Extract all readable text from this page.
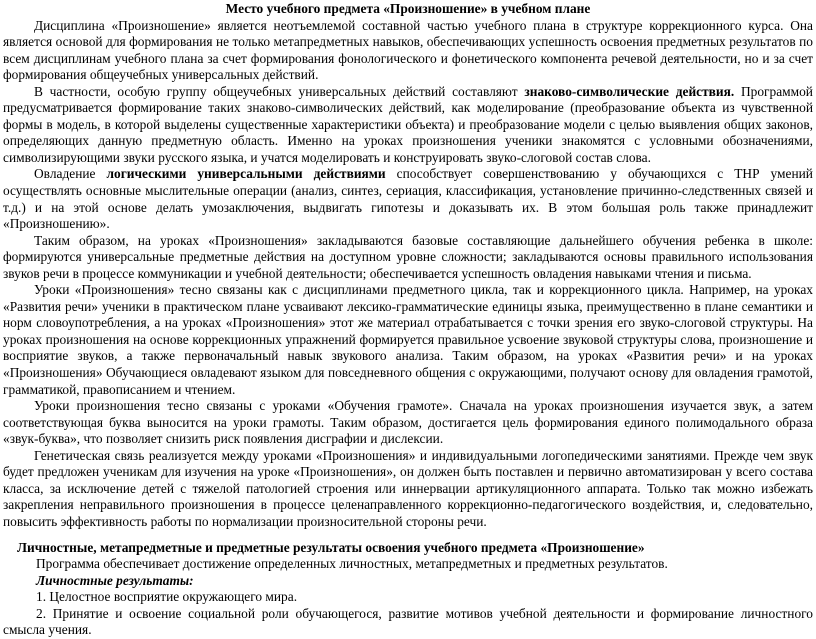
Место учебного предмета «Произношение» в учебном плане

Дисциплина «Произношение» является неотъемлемой составной частью учебного плана в структуре коррекционного курса. Она является основой для формирования не только метапредметных навыков, обеспечивающих успешность освоения предметных результатов по всем дисциплинам учебного плана за счет формирования фонологического и фонетического компонента речевой деятельности, но и за счет формирования общеучебных универсальных действий.

В частности, особую группу общеучебных универсальных действий составляют знаково-символические действия. Программой предусматривается формирование таких знаково-символических действий, как моделирование (преобразование объекта из чувственной формы в модель, в которой выделены существенные характеристики объекта) и преобразование модели с целью выявления общих законов, определяющих данную предметную область. Именно на уроках произношения ученики знакомятся с условными обозначениями, символизирующими звуки русского языка, и учатся моделировать и конструировать звуко-слоговой состав слова.

Овладение логическими универсальными действиями способствует совершенствованию у обучающихся с ТНР умений осуществлять основные мыслительные операции (анализ, синтез, сериация, классификация, установление причинно-следственных связей и т.д.) и на этой основе делать умозаключения, выдвигать гипотезы и доказывать их. В этом большая роль также принадлежит «Произношению».

Таким образом, на уроках «Произношения» закладываются базовые составляющие дальнейшего обучения ребенка в школе: формируются универсальные предметные действия на доступном уровне сложности; закладываются основы правильного использования звуков речи в процессе коммуникации и учебной деятельности; обеспечивается успешность овладения навыками чтения и письма.

Уроки «Произношения» тесно связаны как с дисциплинами предметного цикла, так и коррекционного цикла. Например, на уроках «Развития речи» ученики в практическом плане усваивают лексико-грамматические единицы языка, преимущественно в плане семантики и норм словоупотребления, а на уроках «Произношения» этот же материал отрабатывается с точки зрения его звуко-слоговой структуры. На уроках произношения на основе коррекционных упражнений формируется правильное усвоение звуковой структуры слова, произношение и восприятие звуков, а также первоначальный навык звукового анализа. Таким образом, на уроках «Развития речи» и на уроках «Произношения» Обучающиеся овладевают языком для повседневного общения с окружающими, получают основу для овладения грамотой, грамматикой, правописанием и чтением.

Уроки произношения тесно связаны с уроками «Обучения грамоте». Сначала на уроках произношения изучается звук, а затем соответствующая буква выносится на уроки грамоты. Таким образом, достигается цель формирования единого полимодального образа «звук-буква», что позволяет снизить риск появления дисграфии и дислексии.

Генетическая связь реализуется между уроками «Произношения» и индивидуальными логопедическими занятиями. Прежде чем звук будет предложен ученикам для изучения на уроке «Произношения», он должен быть поставлен и первично автоматизирован у всего состава класса, за исключение детей с тяжелой патологией строения или иннервации артикуляционного аппарата. Только так можно избежать закрепления неправильного произношения в процессе целенаправленного коррекционно-педагогического воздействия, и, следовательно, повысить эффективность работы по нормализации произносительной стороны речи.

Личностные, метапредметные и предметные результаты освоения учебного предмета «Произношение»

Программа обеспечивает достижение определенных личностных, метапредметных и предметных результатов.

Личностные результаты:

1. Целостное восприятие окружающего мира.

2. Принятие и освоение социальной роли обучающегося, развитие мотивов учебной деятельности и формирование личностного смысла учения.
